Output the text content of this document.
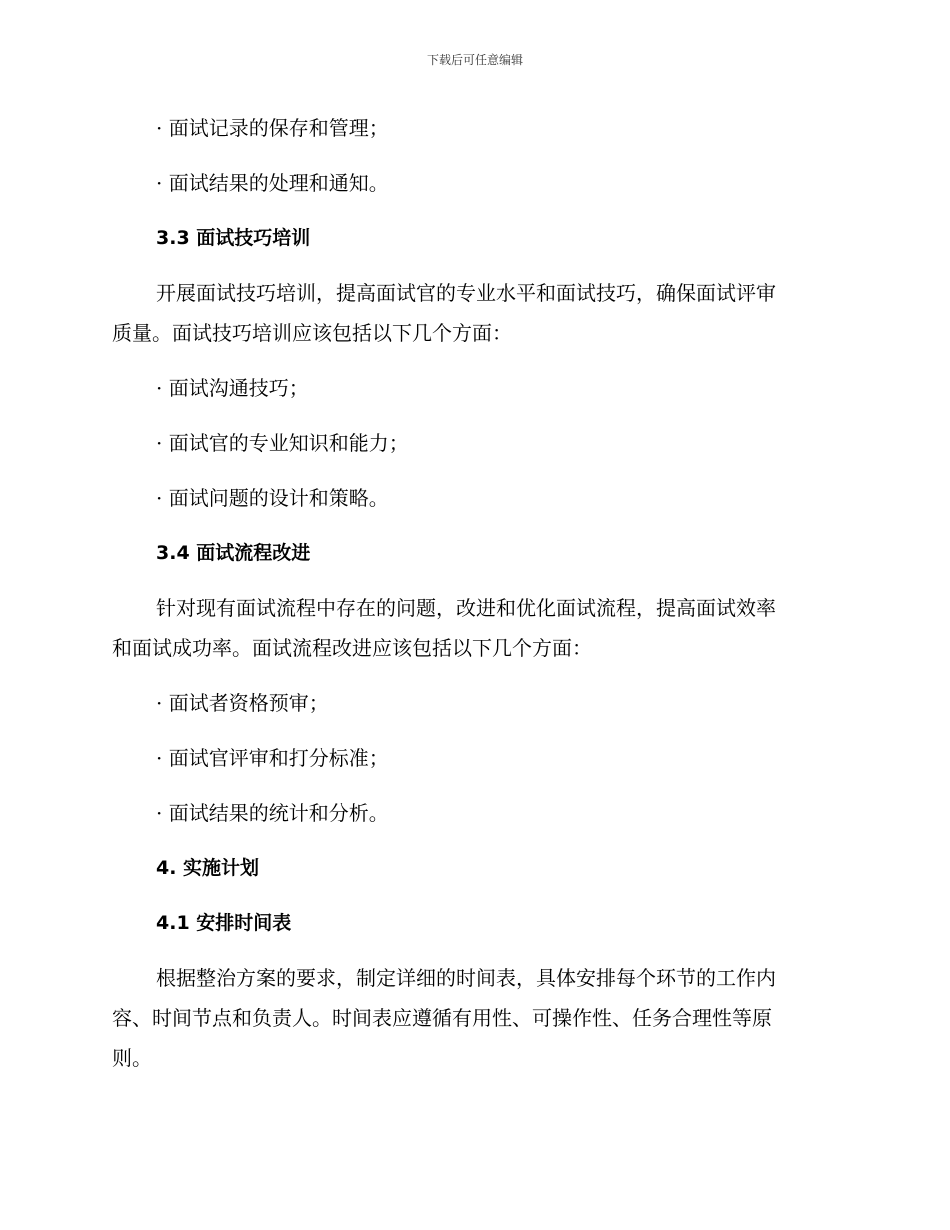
下载后可任意编辑
· 面试记录的保存和管理；
· 面试结果的处理和通知。
3.3 面试技巧培训
开展面试技巧培训，提高面试官的专业水平和面试技巧，确保面试评审
质量。面试技巧培训应该包括以下几个方面：
· 面试沟通技巧；
· 面试官的专业知识和能力；
· 面试问题的设计和策略。
3.4 面试流程改进
针对现有面试流程中存在的问题，改进和优化面试流程，提高面试效率
和面试成功率。面试流程改进应该包括以下几个方面：
· 面试者资格预审；
· 面试官评审和打分标准；
· 面试结果的统计和分析。
4. 实施计划
4.1 安排时间表
根据整治方案的要求，制定详细的时间表，具体安排每个环节的工作内
容、时间节点和负责人。时间表应遵循有用性、可操作性、任务合理性等原
则。
